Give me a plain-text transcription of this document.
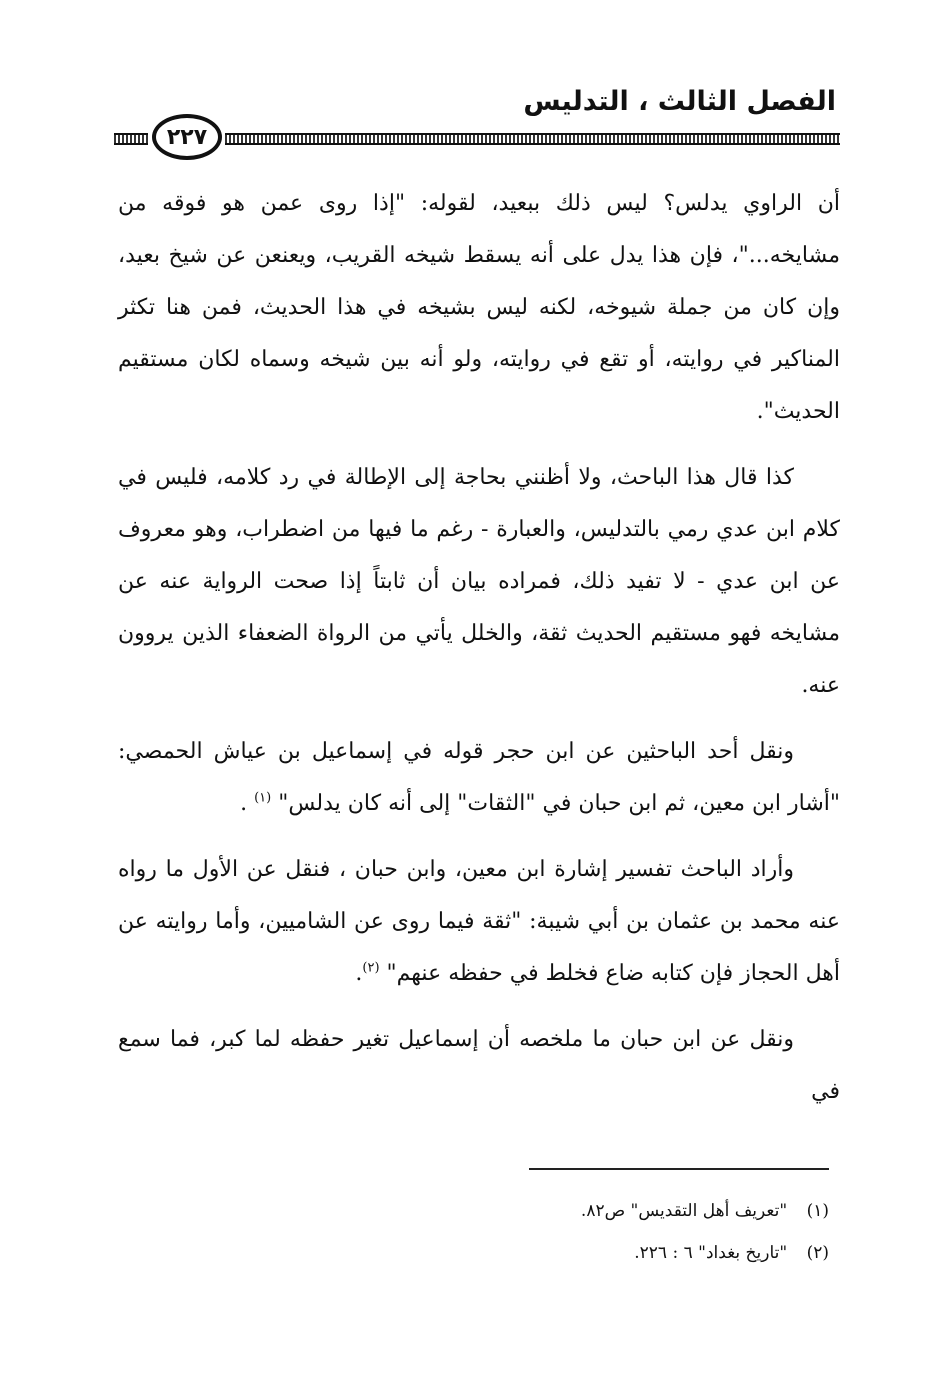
الفصل الثالث ، التدليس
٢٢٧

أن الراوي يدلس؟ ليس ذلك ببعيد، لقوله: "إذا روى عمن هو فوقه من مشايخه..."، فإن هذا يدل على أنه يسقط شيخه القريب، ويعنعن عن شيخ بعيد، وإن كان من جملة شيوخه، لكنه ليس بشيخه في هذا الحديث، فمن هنا تكثر المناكير في روايته، أو تقع في روايته، ولو أنه بين شيخه وسماه لكان مستقيم الحديث".

كذا قال هذا الباحث، ولا أظنني بحاجة إلى الإطالة في رد كلامه، فليس في كلام ابن عدي رمي بالتدليس، والعبارة - رغم ما فيها من اضطراب، وهو معروف عن ابن عدي - لا تفيد ذلك، فمراده بيان أن ثابتاً إذا صحت الرواية عنه عن مشايخه فهو مستقيم الحديث ثقة، والخلل يأتي من الرواة الضعفاء الذين يروون عنه.

ونقل أحد الباحثين عن ابن حجر قوله في إسماعيل بن عياش الحمصي: "أشار ابن معين، ثم ابن حبان في "الثقات" إلى أنه كان يدلس" $^{(١)}$ .

وأراد الباحث تفسير إشارة ابن معين، وابن حبان ، فنقل عن الأول ما رواه عنه محمد بن عثمان بن أبي شيبة: "ثقة فيما روى عن الشاميين، وأما روايته عن أهل الحجاز فإن كتابه ضاع فخلط في حفظه عنهم" $^{(٢)}$.

ونقل عن ابن حبان ما ملخصه أن إسماعيل تغير حفظه لما كبر، فما سمع في

(١) "تعريف أهل التقديس" ص٨٢.
(٢) "تاريخ بغداد" ٦ : ٢٢٦.
